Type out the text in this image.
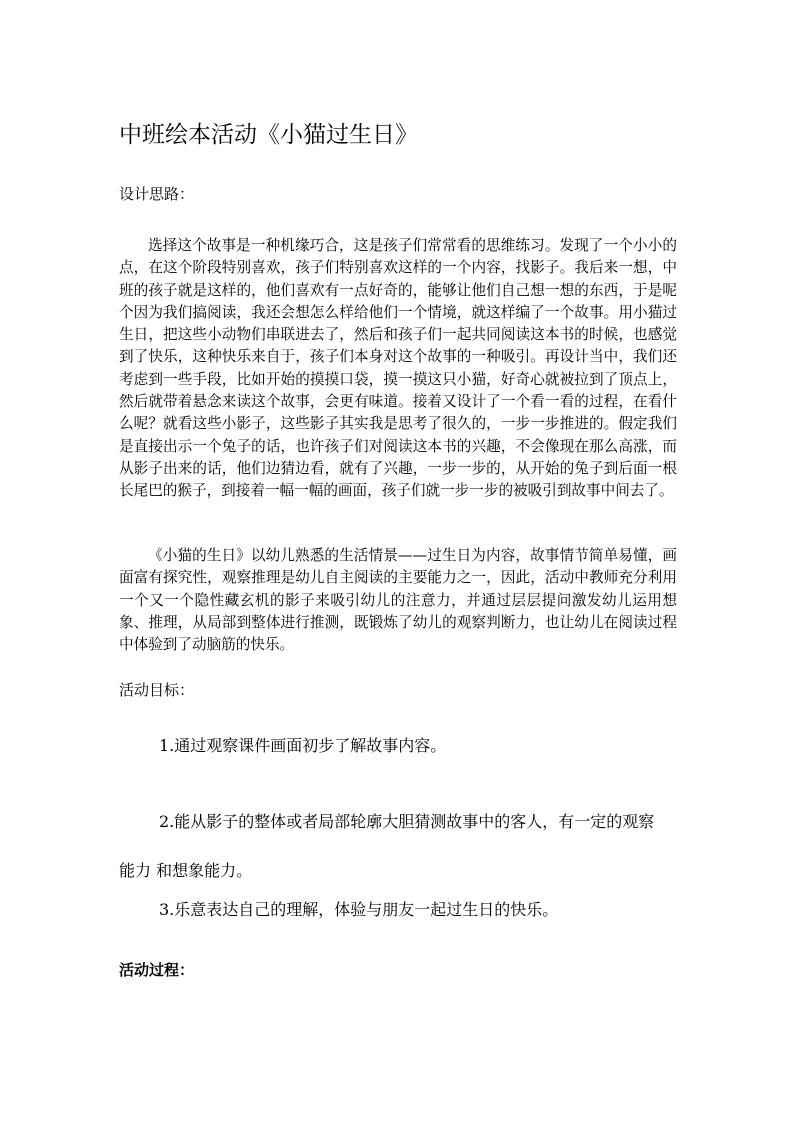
中班绘本活动《小猫过生日》
设计思路：
选择这个故事是一种机缘巧合，这是孩子们常常看的思维练习。发现了一个小小的点，在这个阶段特别喜欢，孩子们特别喜欢这样的一个内容，找影子。我后来一想，中班的孩子就是这样的，他们喜欢有一点好奇的，能够让他们自己想一想的东西，于是呢个因为我们搞阅读，我还会想怎么样给他们一个情境，就这样编了一个故事。用小猫过生日，把这些小动物们串联进去了，然后和孩子们一起共同阅读这本书的时候，也感觉到了快乐，这种快乐来自于，孩子们本身对这个故事的一种吸引。再设计当中，我们还考虑到一些手段，比如开始的摸摸口袋，摸一摸这只小猫，好奇心就被拉到了顶点上，然后就带着悬念来读这个故事，会更有味道。接着又设计了一个看一看的过程，在看什么呢？就看这些小影子，这些影子其实我是思考了很久的，一步一步推进的。假定我们是直接出示一个兔子的话，也许孩子们对阅读这本书的兴趣，不会像现在那么高涨，而从影子出来的话，他们边猜边看，就有了兴趣，一步一步的，从开始的兔子到后面一根长尾巴的猴子，到接着一幅一幅的画面，孩子们就一步一步的被吸引到故事中间去了。
《小猫的生日》以幼儿熟悉的生活情景——过生日为内容，故事情节简单易懂，画面富有探究性，观察推理是幼儿自主阅读的主要能力之一，因此，活动中教师充分利用一个又一个隐性藏玄机的影子来吸引幼儿的注意力，并通过层层提问激发幼儿运用想象、推理，从局部到整体进行推测，既锻炼了幼儿的观察判断力，也让幼儿在阅读过程中体验到了动脑筋的快乐。
活动目标：
1.通过观察课件画面初步了解故事内容。
2.能从影子的整体或者局部轮廓大胆猜测故事中的客人，有一定的观察能力 和想象能力。
3.乐意表达自己的理解，体验与朋友一起过生日的快乐。
活动过程：
